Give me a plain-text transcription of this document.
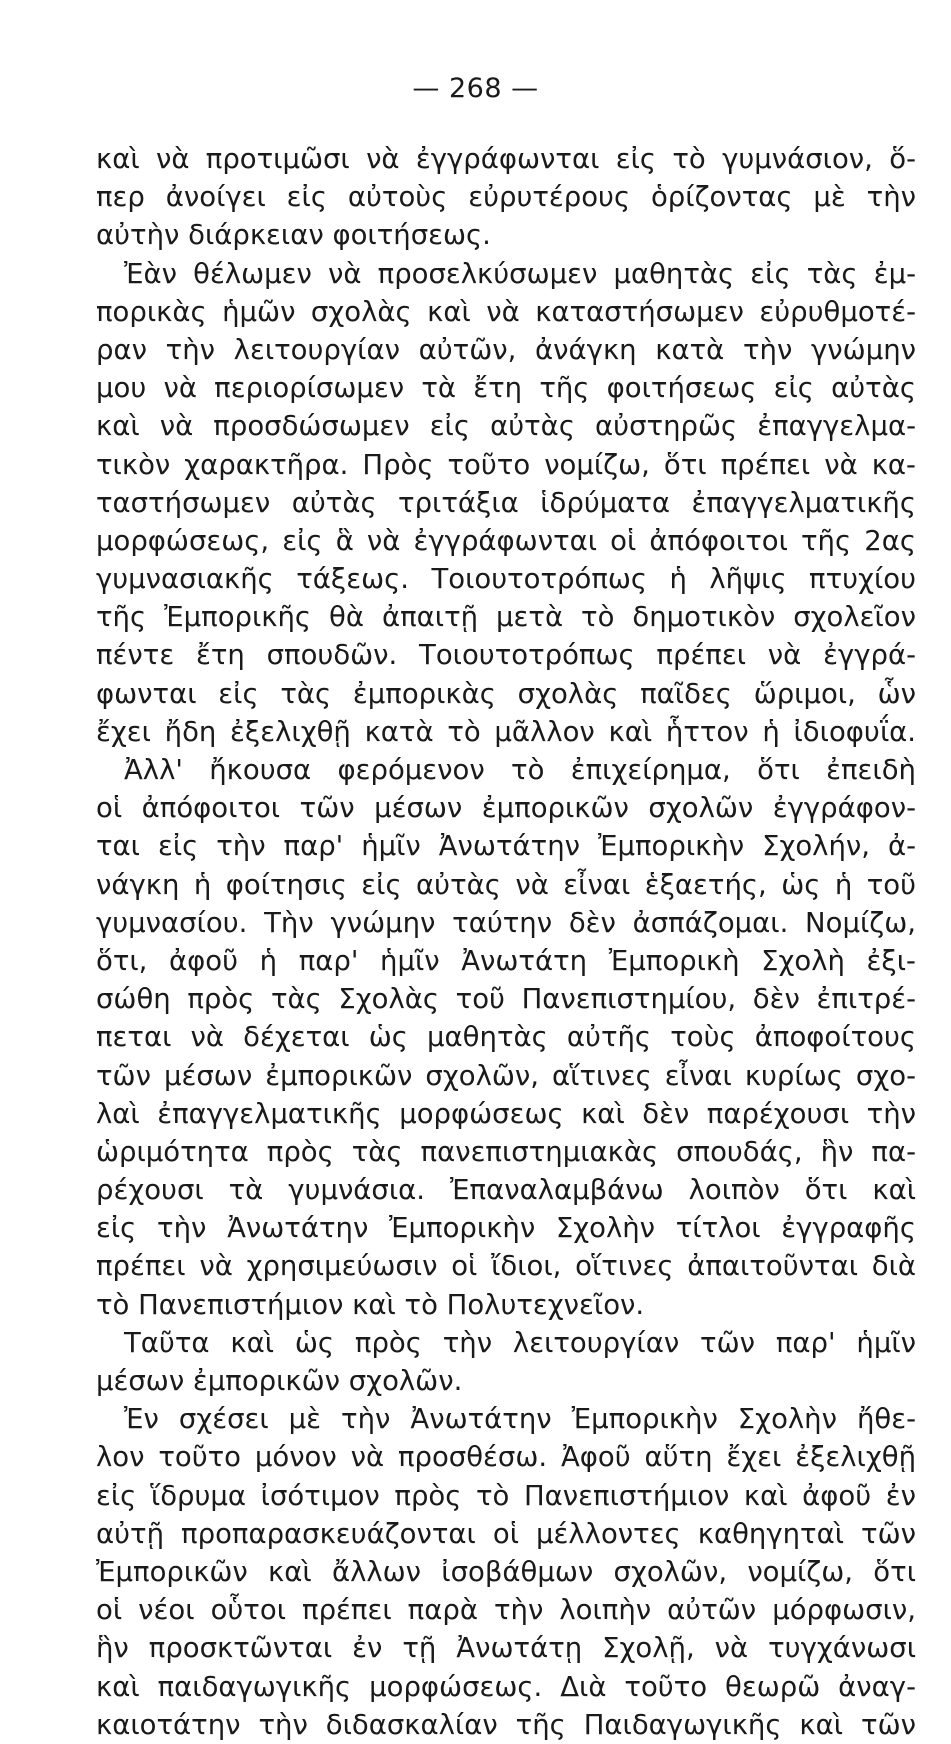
— 268 —
καὶ νὰ προτιμῶσι νὰ ἐγγράφωνται εἰς τὸ γυμνάσιον, ὅ-
περ ἀνοίγει εἰς αὐτοὺς εὐρυτέρους ὁρίζοντας μὲ τὴν
αὐτὴν διάρκειαν φοιτήσεως.
Ἐὰν θέλωμεν νὰ προσελκύσωμεν μαθητὰς εἰς τὰς ἐμ-
πορικὰς ἡμῶν σχολὰς καὶ νὰ καταστήσωμεν εὐρυθμοτέ-
ραν τὴν λειτουργίαν αὐτῶν, ἀνάγκη κατὰ τὴν γνώμην
μου νὰ περιορίσωμεν τὰ ἔτη τῆς φοιτήσεως εἰς αὐτὰς
καὶ νὰ προσδώσωμεν εἰς αὐτὰς αὐστηρῶς ἐπαγγελμα-
τικὸν χαρακτῆρα. Πρὸς τοῦτο νομίζω, ὅτι πρέπει νὰ κα-
ταστήσωμεν αὐτὰς τριτάξια ἱδρύματα ἐπαγγελματικῆς
μορφώσεως, εἰς ἃ νὰ ἐγγράφωνται οἱ ἀπόφοιτοι τῆς 2ας
γυμνασιακῆς τάξεως. Τοιουτοτρόπως ἡ λῆψις πτυχίου
τῆς Ἐμπορικῆς θὰ ἀπαιτῇ μετὰ τὸ δημοτικὸν σχολεῖον
πέντε ἔτη σπουδῶν. Τοιουτοτρόπως πρέπει νὰ ἐγγρά-
φωνται εἰς τὰς ἐμπορικὰς σχολὰς παῖδες ὥριμοι, ὧν
ἔχει ἤδη ἐξελιχθῇ κατὰ τὸ μᾶλλον καὶ ἧττον ἡ ἰδιοφυΐα.
Ἀλλ' ἤκουσα φερόμενον τὸ ἐπιχείρημα, ὅτι ἐπειδὴ
οἱ ἀπόφοιτοι τῶν μέσων ἐμπορικῶν σχολῶν ἐγγράφον-
ται εἰς τὴν παρ' ἡμῖν Ἀνωτάτην Ἐμπορικὴν Σχολήν, ἀ-
νάγκη ἡ φοίτησις εἰς αὐτὰς νὰ εἶναι ἑξαετής, ὡς ἡ τοῦ
γυμνασίου. Τὴν γνώμην ταύτην δὲν ἀσπάζομαι. Νομίζω,
ὅτι, ἀφοῦ ἡ παρ' ἡμῖν Ἀνωτάτη Ἐμπορικὴ Σχολὴ ἐξι-
σώθη πρὸς τὰς Σχολὰς τοῦ Πανεπιστημίου, δὲν ἐπιτρέ-
πεται νὰ δέχεται ὡς μαθητὰς αὐτῆς τοὺς ἀποφοίτους
τῶν μέσων ἐμπορικῶν σχολῶν, αἵτινες εἶναι κυρίως σχο-
λαὶ ἐπαγγελματικῆς μορφώσεως καὶ δὲν παρέχουσι τὴν
ὡριμότητα πρὸς τὰς πανεπιστημιακὰς σπουδάς, ἣν πα-
ρέχουσι τὰ γυμνάσια. Ἐπαναλαμβάνω λοιπὸν ὅτι καὶ
εἰς τὴν Ἀνωτάτην Ἐμπορικὴν Σχολὴν τίτλοι ἐγγραφῆς
πρέπει νὰ χρησιμεύωσιν οἱ ἴδιοι, οἵτινες ἀπαιτοῦνται διὰ
τὸ Πανεπιστήμιον καὶ τὸ Πολυτεχνεῖον.
Ταῦτα καὶ ὡς πρὸς τὴν λειτουργίαν τῶν παρ' ἡμῖν
μέσων ἐμπορικῶν σχολῶν.
Ἐν σχέσει μὲ τὴν Ἀνωτάτην Ἐμπορικὴν Σχολὴν ἤθε-
λον τοῦτο μόνον νὰ προσθέσω. Ἀφοῦ αὕτη ἔχει ἐξελιχθῇ
εἰς ἵδρυμα ἰσότιμον πρὸς τὸ Πανεπιστήμιον καὶ ἀφοῦ ἐν
αὐτῇ προπαρασκευάζονται οἱ μέλλοντες καθηγηταὶ τῶν
Ἐμπορικῶν καὶ ἄλλων ἰσοβάθμων σχολῶν, νομίζω, ὅτι
οἱ νέοι οὗτοι πρέπει παρὰ τὴν λοιπὴν αὐτῶν μόρφωσιν,
ἣν προσκτῶνται ἐν τῇ Ἀνωτάτῃ Σχολῇ, νὰ τυγχάνωσι
καὶ παιδαγωγικῆς μορφώσεως. Διὰ τοῦτο θεωρῶ ἀναγ-
καιοτάτην τὴν διδασκαλίαν τῆς Παιδαγωγικῆς καὶ τῶν
